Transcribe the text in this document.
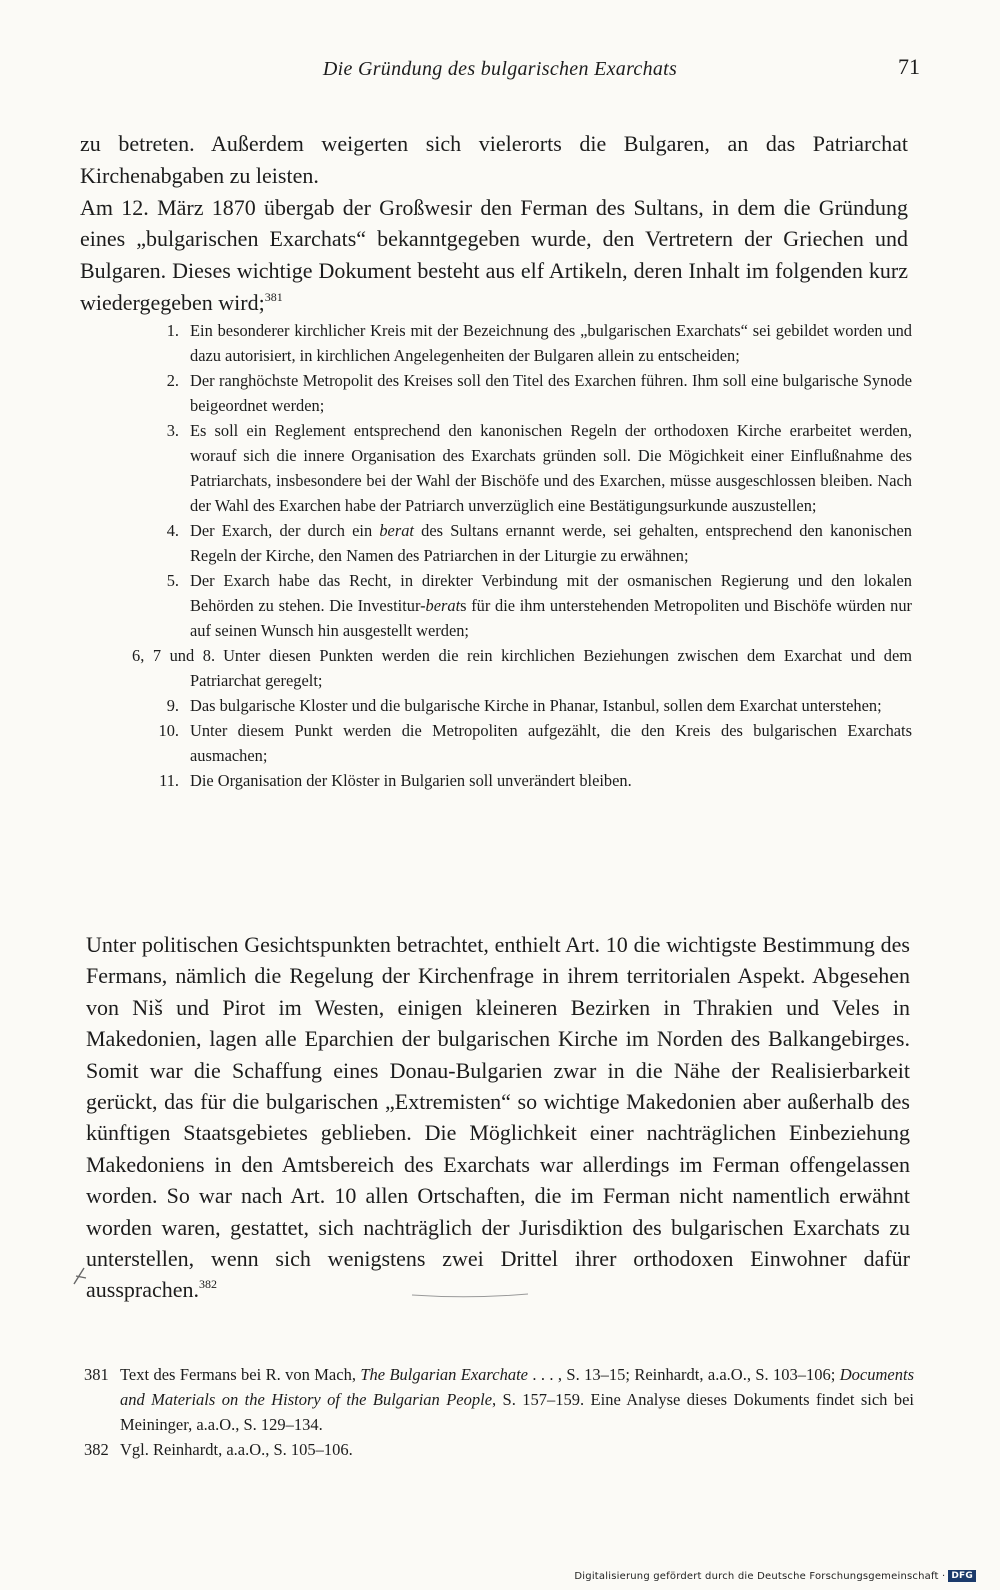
Die Gründung des bulgarischen Exarchats	71

zu betreten. Außerdem weigerten sich vielerorts die Bulgaren, an das Patriarchat Kirchenabgaben zu leisten.

Am 12. März 1870 übergab der Großwesir den Ferman des Sultans, in dem die Gründung eines „bulgarischen Exarchats“ bekanntgegeben wurde, den Vertretern der Griechen und Bulgaren. Dieses wichtige Dokument besteht aus elf Artikeln, deren Inhalt im folgenden kurz wiedergegeben wird;$^{381}$

1. Ein besonderer kirchlicher Kreis mit der Bezeichnung des „bulgarischen Exarchats“ sei gebildet worden und dazu autorisiert, in kirchlichen Angelegenheiten der Bulgaren allein zu entscheiden;
2. Der ranghöchste Metropolit des Kreises soll den Titel des Exarchen führen. Ihm soll eine bulgarische Synode beigeordnet werden;
3. Es soll ein Reglement entsprechend den kanonischen Regeln der orthodoxen Kirche erarbeitet werden, worauf sich die innere Organisation des Exarchats gründen soll. Die Mögichkeit einer Einflußnahme des Patriarchats, insbesondere bei der Wahl der Bischöfe und des Exarchen, müsse ausgeschlossen bleiben. Nach der Wahl des Exarchen habe der Patriarch unverzüglich eine Bestätigungsurkunde auszustellen;
4. Der Exarch, der durch ein berat des Sultans ernannt werde, sei gehalten, entsprechend den kanonischen Regeln der Kirche, den Namen des Patriarchen in der Liturgie zu erwähnen;
5. Der Exarch habe das Recht, in direkter Verbindung mit der osmanischen Regierung und den lokalen Behörden zu stehen. Die Investitur-berats für die ihm unterstehenden Metropoliten und Bischöfe würden nur auf seinen Wunsch hin ausgestellt werden;
6, 7 und 8. Unter diesen Punkten werden die rein kirchlichen Beziehungen zwischen dem Exarchat und dem Patriarchat geregelt;
9. Das bulgarische Kloster und die bulgarische Kirche in Phanar, Istanbul, sollen dem Exarchat unterstehen;
10. Unter diesem Punkt werden die Metropoliten aufgezählt, die den Kreis des bulgarischen Exarchats ausmachen;
11. Die Organisation der Klöster in Bulgarien soll unverändert bleiben.

Unter politischen Gesichtspunkten betrachtet, enthielt Art. 10 die wichtigste Bestimmung des Fermans, nämlich die Regelung der Kirchenfrage in ihrem territorialen Aspekt. Abgesehen von Niš und Pirot im Westen, einigen kleineren Bezirken in Thrakien und Veles in Makedonien, lagen alle Eparchien der bulgarischen Kirche im Norden des Balkangebirges. Somit war die Schaffung eines Donau-Bulgarien zwar in die Nähe der Realisierbarkeit gerückt, das für die bulgarischen „Extremisten“ so wichtige Makedonien aber außerhalb des künftigen Staatsgebietes geblieben. Die Möglichkeit einer nachträglichen Einbeziehung Makedoniens in den Amtsbereich des Exarchats war allerdings im Ferman offengelassen worden. So war nach Art. 10 allen Ortschaften, die im Ferman nicht namentlich erwähnt worden waren, gestattet, sich nachträglich der Jurisdiktion des bulgarischen Exarchats zu unterstellen, wenn sich wenigstens zwei Drittel ihrer orthodoxen Einwohner dafür aussprachen.$^{382}$

381 Text des Fermans bei R. von Mach, The Bulgarian Exarchate . . . , S. 13–15; Reinhardt, a.a.O., S. 103–106; Documents and Materials on the History of the Bulgarian People, S. 157–159. Eine Analyse dieses Dokuments findet sich bei Meininger, a.a.O., S. 129–134.
382 Vgl. Reinhardt, a.a.O., S. 105–106.
Digitalisierung gefördert durch die Deutsche Forschungsgemeinschaft · DFG
